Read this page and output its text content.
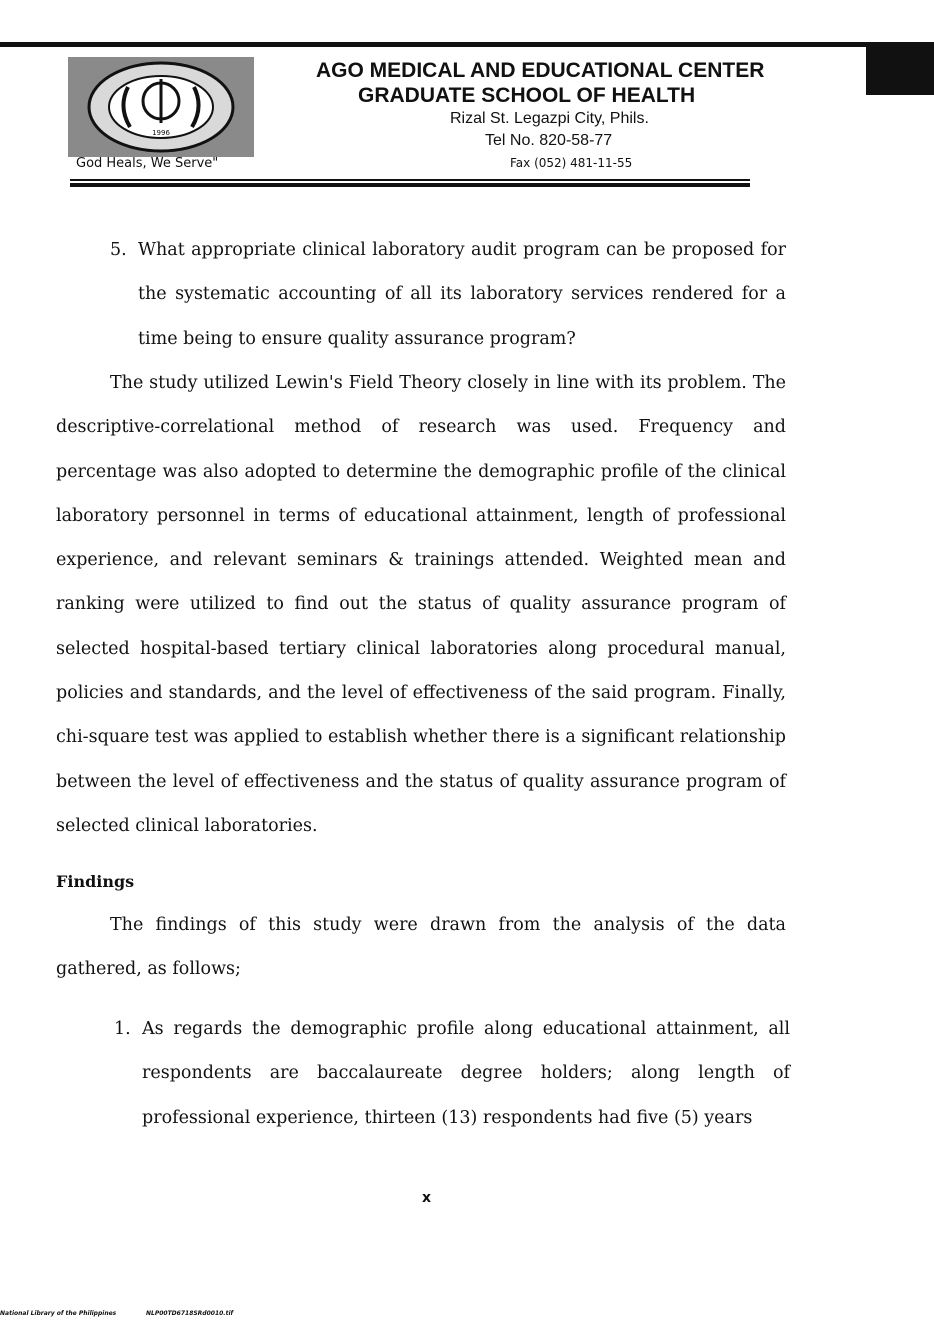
1996
God Heals, We Serve"
AGO MEDICAL AND EDUCATIONAL CENTER
GRADUATE SCHOOL OF HEALTH
Rizal St. Legazpi City, Phils.
Tel No. 820-58-77
Fax (052) 481-11-55
5. What appropriate clinical laboratory audit program can be proposed for the systematic accounting of all its laboratory services rendered for a time being to ensure quality assurance program?

The study utilized Lewin's Field Theory closely in line with its problem. The descriptive-correlational method of research was used. Frequency and percentage was also adopted to determine the demographic profile of the clinical laboratory personnel in terms of educational attainment, length of professional experience, and relevant seminars & trainings attended. Weighted mean and ranking were utilized to find out the status of quality assurance program of selected hospital-based tertiary clinical laboratories along procedural manual, policies and standards, and the level of effectiveness of the said program. Finally, chi-square test was applied to establish whether there is a significant relationship between the level of effectiveness and the status of quality assurance program of selected clinical laboratories.

Findings

The findings of this study were drawn from the analysis of the data gathered, as follows;

1. As regards the demographic profile along educational attainment, all respondents are baccalaureate degree holders; along length of professional experience, thirteen (13) respondents had five (5) years

x
National Library of the Philippines	NLP00TD6718SRd0010.tif
